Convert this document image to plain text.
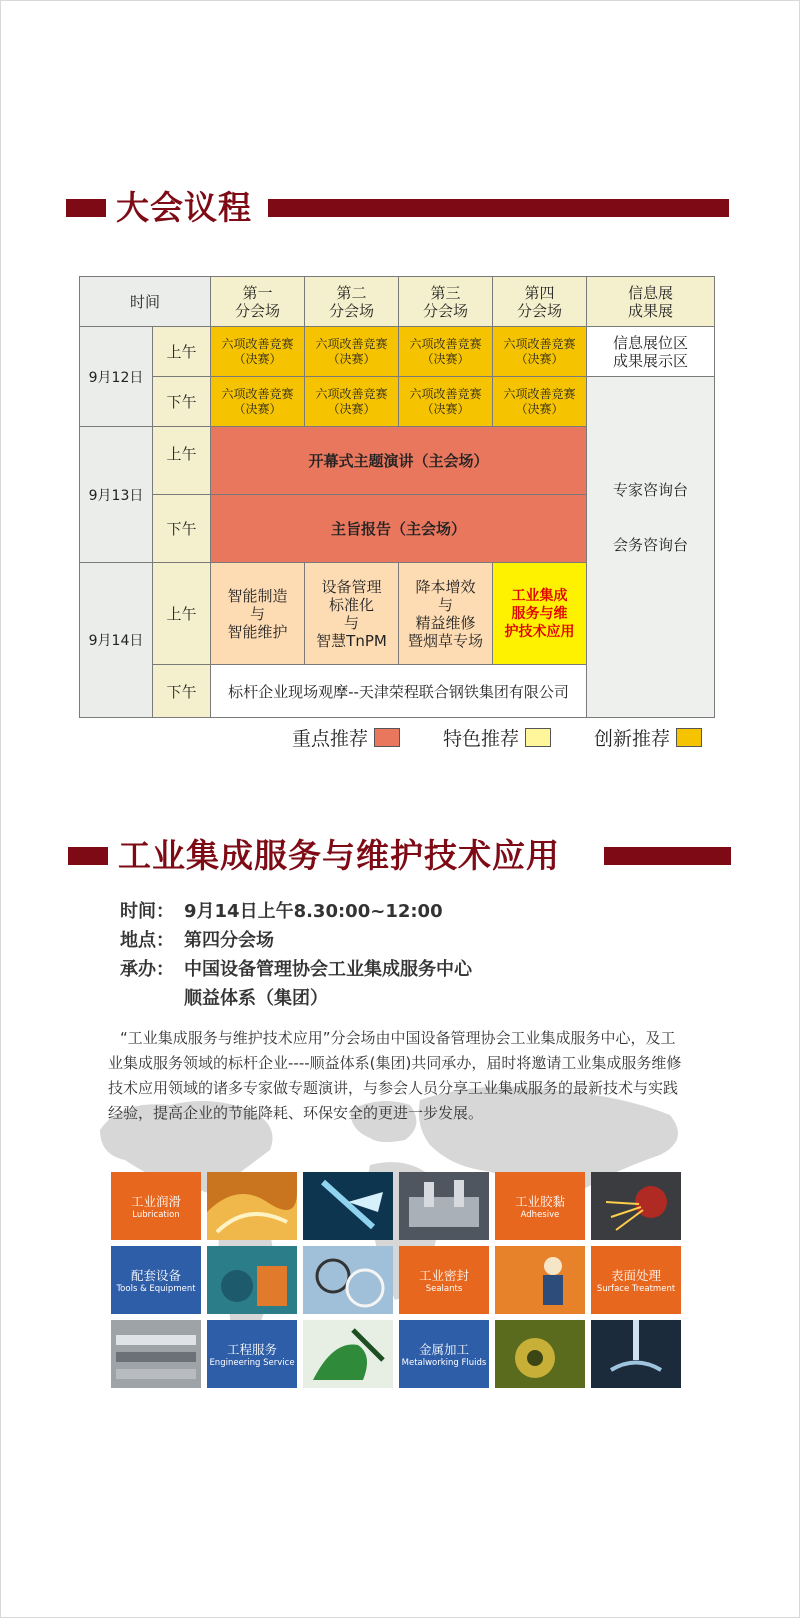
大会议程
时间
第一
分会场
第二
分会场
第三
分会场
第四
分会场
信息展
成果展
9月12日
上午
下午
六项改善竞赛
（决赛）
六项改善竞赛
（决赛）
六项改善竞赛
（决赛）
六项改善竞赛
（决赛）
信息展位区
成果展示区
六项改善竞赛
（决赛）
六项改善竞赛
（决赛）
六项改善竞赛
（决赛）
六项改善竞赛
（决赛）
专家咨询台
会务咨询台
9月13日
上午
下午
开幕式主题演讲（主会场）
主旨报告（主会场）
9月14日
上午
下午
智能制造
与
智能维护
设备管理
标准化
与
智慧TnPM
降本增效
与
精益维修
暨烟草专场
工业集成
服务与维
护技术应用
标杆企业现场观摩--天津荣程联合钢铁集团有限公司
重点推荐	特色推荐	创新推荐
工业集成服务与维护技术应用
时间： 9月14日上午8.30:00~12:00
地点： 第四分会场
承办： 中国设备管理协会工业集成服务中心
顺益体系（集团）
“工业集成服务与维护技术应用”分会场由中国设备管理协会工业集成服务中心，及工业集成服务领域的标杆企业----顺益体系(集团)共同承办，届时将邀请工业集成服务维修技术应用领域的诸多专家做专题演讲，与参会人员分享工业集成服务的最新技术与实践经验，提高企业的节能降耗、环保安全的更进一步发展。
工业润滑
Lubrication
工业胶黏
Adhesive
配套设备
Tools & Equipment
工业密封
Sealants
表面处理
Surface Treatment
工程服务
Engineering Service
金属加工
Metalworking Fluids
